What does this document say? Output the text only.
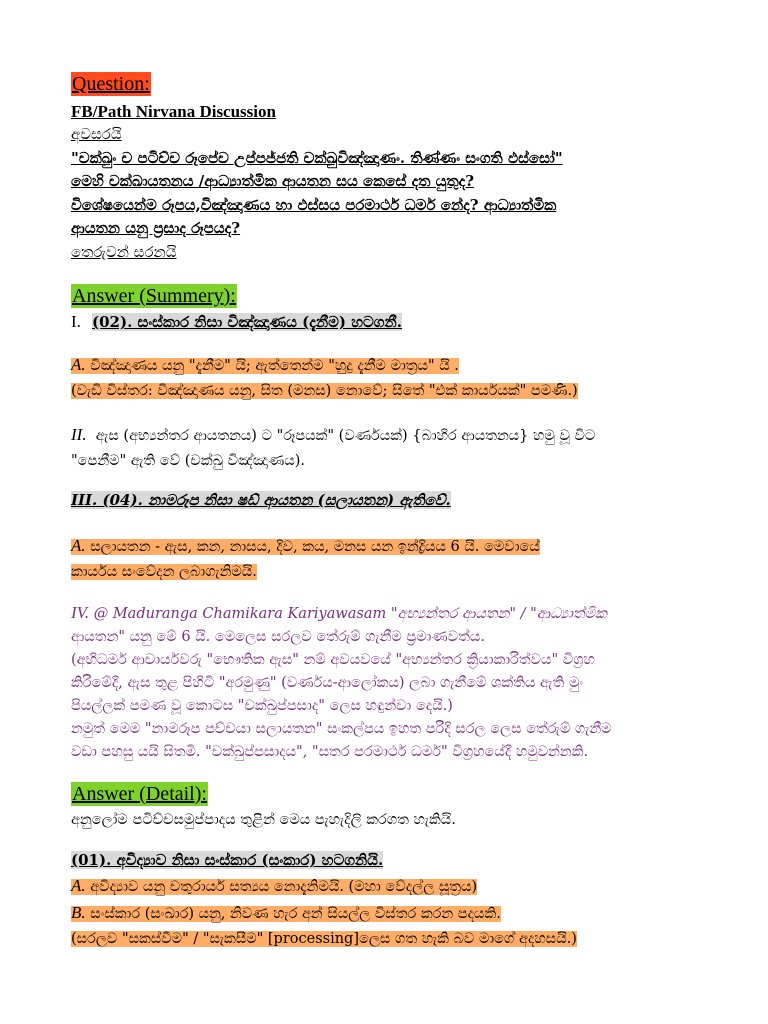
Question:
FB/Path Nirvana Discussion
අවසරයි
"චක්ඛුං ච පටිච්ච රූපේච උප්පජ්ජති චක්ඛුවිඤ්ඤාණං. තිණ්ණං සංගති ඵස්සෝ"
මෙහි චක්ඛායතනය /ආධ්‍යාත්මික ආයතන සය කෙසේ දත යුතුද?
විශේෂයෙන්ම රූපය,විඤ්ඤාණය හා ඵස්සය පරමාර්ථ ධර්ම නේද? ආධ්‍යාත්මික
ආයතන යනු ප්‍රසාද රූපයද?
තෙරුවන් සරනයි
Answer (Summery):
I. (02). සංස්කාර නිසා විඤ්ඤාණය (දැනීම) හටගනී.
A. විඤ්ඤාණය යනු "දැනීම" යි; ඇත්තෙන්ම "හුදු දැනීම මාත්‍රය" යි .
(වැඩි විස්තර: විඤ්ඤාණය යනු, සිත (මනස) නොවේ; සිතේ "එක් කාර්යයක්" පමණි.)
II. ඇස (අභ්‍යන්තර ආයතනය) ට "රූපයක්" (වර්ණයක්) {බාහිර ආයතනය} හමු වූ විට
"පෙනීම" ඇති වේ (චක්ඛු විඤ්ඤාණය).
III. (04). නාමරූප නිසා ෂඩ් ආයතන (සලායතන) ඇතිවේ.
A. සලායතන - ඇස, කන, නාසය, දිව, කය, මනස යන ඉන්ද්‍රියය 6 යි. මෙවායේ
කාර්යය සංවේදන ලබාගැනිමයි.
IV. @ Maduranga Chamikara Kariyawasam "අභ්‍යන්තර ආයතන" / "ආධ්‍යාත්මික
ආයතන" යනු මේ 6 යි. මෙලෙස සරලව තේරුම් ගැනීම ප්‍රමාණවත්ය.
(අභිධර්ම ආචාර්යවරු "භෞතික ඇස" නම් අවයවයේ "අභ්‍යන්තර ක්‍රියාකාරිත්වය" විග්‍රහ
කිරිමේදී, ඇස තුළ පිහිටි "අරමුණු" (වර්ණය-ආලෝකය) ලබා ගැනීමේ ශක්තිය ඇති මුං
පියල්ලක් පමණ වූ කොටස "චක්ඛුප්පසාද" ලෙස හඳුන්වා දෙයි.)
නමුත් මෙම "නාමරූප පච්චයා සලායතන" සංකල්පය ඉහත පරිදි සරල ලෙස තේරුම් ගැනීම
වඩා පහසු යයි සිතමි. "චක්ඛුප්පසාදය", "සතර පරමාර්ථ ධර්ම" විග්‍රහයේදී හමුවන්නකි.
Answer (Detail):
අනුලෝම පටිච්චසමුප්පාදය තුළින් මෙය පැහැදිලි කරගත හැකියි.
(01). අවිද්‍යාව නිසා සංස්කාර (සංකාර) හටගනියි.
A. අවිද්‍යාව යනු චතුරාර්ය සත්‍යය නොදැනිමයි. (මහා වේදල්ල සූත්‍රය)
B. සංස්කාර (සංඛාර) යනු, නිවණ හැර අන් සියල්ල විස්තර කරන පදයකි.
(සරලව "සකස්වීම" / "සැකසීම" [processing]ලෙස ගත හැකි බව මාගේ අදහසයි.)
